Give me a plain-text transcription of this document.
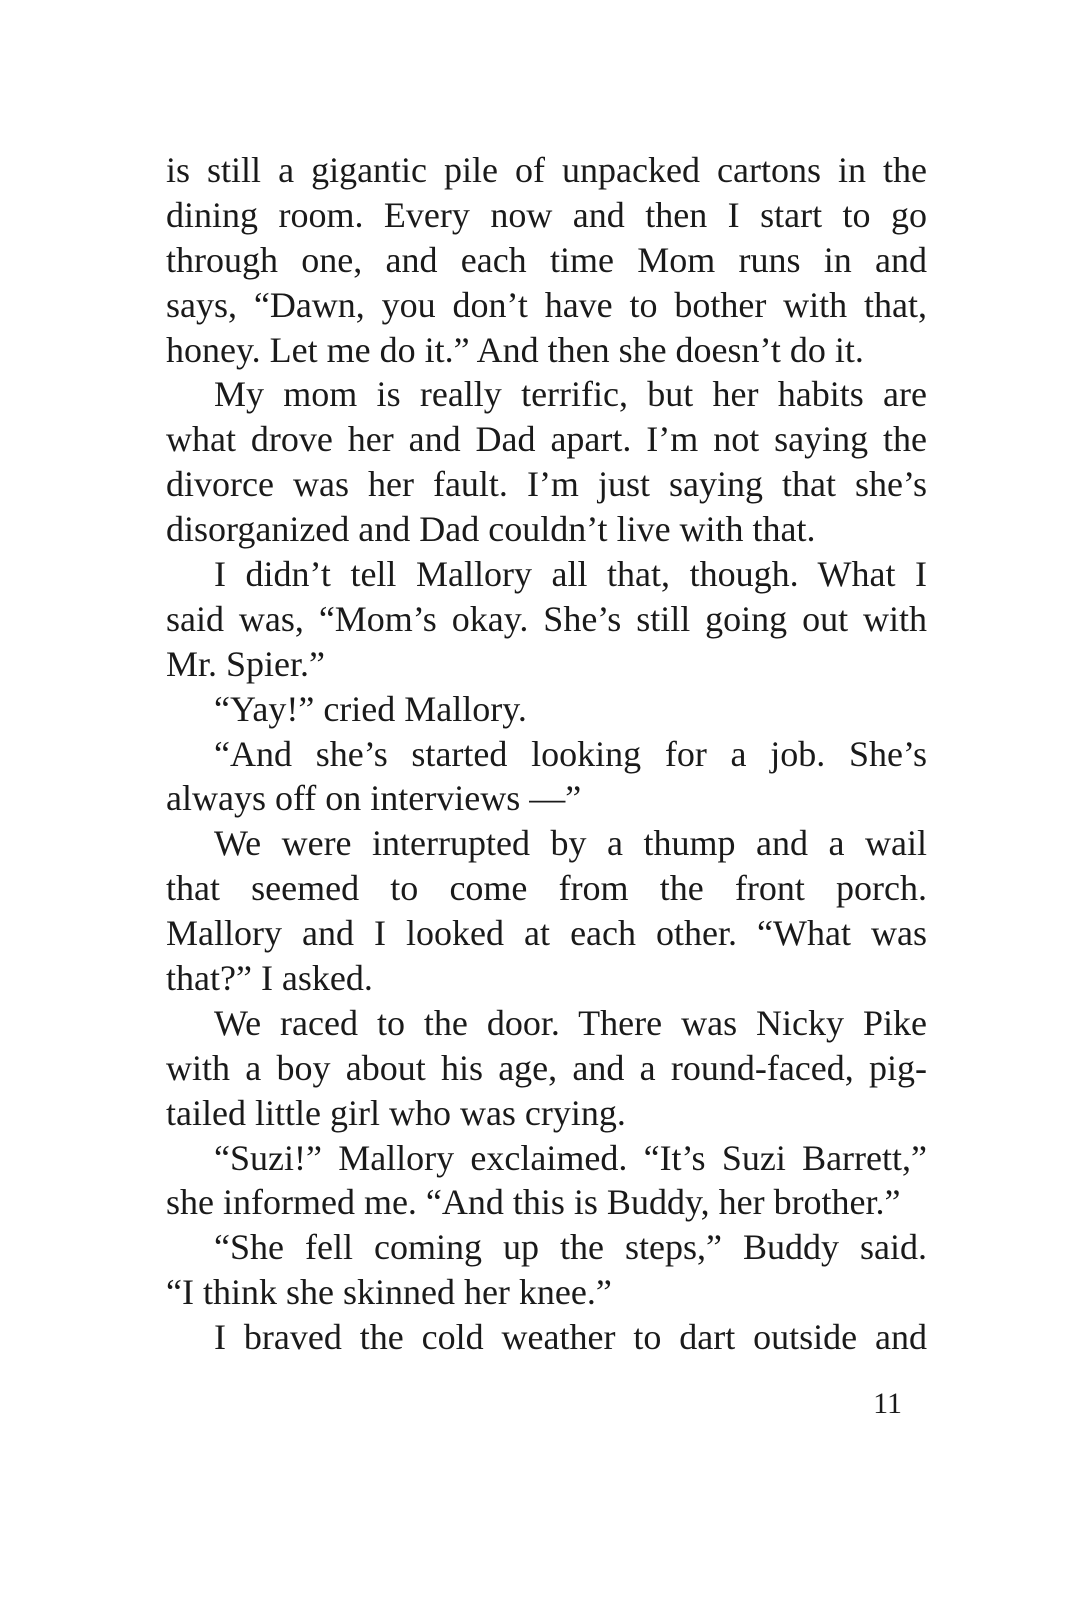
is still a gigantic pile of unpacked cartons in the
dining room. Every now and then I start to go
through one, and each time Mom runs in and
says, “Dawn, you don’t have to bother with that,
honey. Let me do it.” And then she doesn’t do it.
My mom is really terrific, but her habits are
what drove her and Dad apart. I’m not saying the
divorce was her fault. I’m just saying that she’s
disorganized and Dad couldn’t live with that.
I didn’t tell Mallory all that, though. What I
said was, “Mom’s okay. She’s still going out with
Mr. Spier.”
“Yay!” cried Mallory.
“And she’s started looking for a job. She’s
always off on interviews —”
We were interrupted by a thump and a wail
that seemed to come from the front porch.
Mallory and I looked at each other. “What was
that?” I asked.
We raced to the door. There was Nicky Pike
with a boy about his age, and a round-faced, pig-
tailed little girl who was crying.
“Suzi!” Mallory exclaimed. “It’s Suzi Barrett,”
she informed me. “And this is Buddy, her brother.”
“She fell coming up the steps,” Buddy said.
“I think she skinned her knee.”
I braved the cold weather to dart outside and
11
